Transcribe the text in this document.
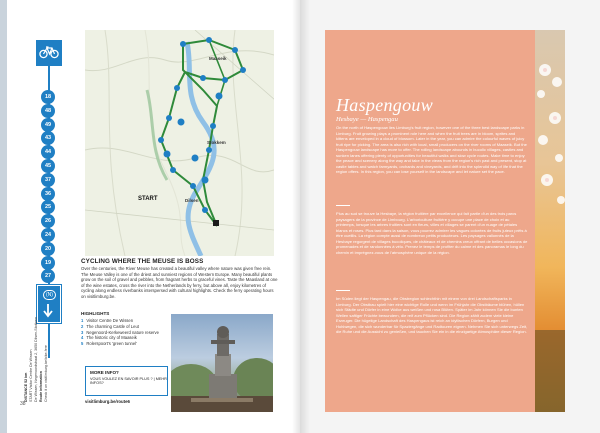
18
48
49
43
44
45
37
36
25
26
24
20
19
27
(N)
DISTANCE 52 km
START Visitor Centre De Wissen
De Wissen, Negenoordstraat 2, 3650 Dilsen-Stokkem
Route information
Check it on visitlimburg.be/bike-fere
38
Maaseik
Stokkem
Dilsen
START
CYCLING WHERE THE MEUSE IS BOSS
Over the centuries, the River Meuse has created a beautiful valley where nature was given free rein. The Meuse Valley is one of the driest and sunniest regions of Western Europe. Many beautiful plants grow on the soil of gravel and pebbles, from fragrant herbs to graceful vines. Taste the Maasland at one of the wine estates, cross the river into the Netherlands by ferry, but above all, enjoy kilometres of cycling along endless riverbanks interspersed with cultural highlights. Check the ferry operating hours on visitlimburg.be.
HIGHLIGHTS
1 Visitor Centre De Wissen
2 The charming Castle of Leut
3 Negenoord-Kerkeweerd nature reserve
4 The historic city of Maaseik
5 Rolerspoort's 'green tunnel'
MORE INFO?
VOUS VOULEZ EN SAVOIR PLUS ? | MEHR INFOS?
visitlimburg.be/route6
Haspengouw
Hesbaye — Haspengau
On the north of Haspengouw lies Limburg's fruit region, however one of the three best landscape parks in Limburg. Fruit growing plays a prominent role here and when the fruit trees are in bloom, sprites and kittens are enveloped in a cloud of blossom. Later in the year, you can admire the colourful waves of juicy fruit ripe for picking. The area is also rich with local, small producers on the river rooms of Maaseik. But the Haspengouw landscape has more to offer. The rolling landscape abounds in bucolic villages, castles and sunken lanes offering plenty of opportunities for beautiful walks and slow cycle routes. Make time to enjoy the peace and scenery along the way and take in the views from the region's rich past and present, stop at castle tables and watch farmyards, orchards and vineyards, and drift into the splendid way of life that the region offers. In this region, you can lose yourself in the landscape and let nature set the pace.
Plus au sud se trouve la Hesbaye, la région fruitière par excellence qui fait partie d'un des trois parcs paysagers de la province de Limbourg. L'arboriculture fruitière y occupe une place de choix et au printemps, lorsque les arbres fruitiers sont en fleurs, villes et villages se parent d'un nuage de pétales blancs et roses. Plus tard dans la saison, vous pourrez admirer les vagues colorées de fruits juteux prêts à être cueillis. La région compte aussi de nombreux petits producteurs. Les paysages vallonnés de la Hesbaye regorgent de villages bucoliques, de châteaux et de chemins creux offrant de belles occasions de promenades et de randonnées à vélo. Prenez le temps de profiter du calme et des panoramas le long du chemin et imprégnez-vous de l'atmosphère unique de la région.
Im Süden liegt der Haspengau, die Obstregion schlechthin mit einem von drei Landschaftsparks in Limburg. Der Obstbau spielt hier eine wichtige Rolle und wenn im Frühjahr die Obstbäume blühen, hüllen sich Städte und Dörfer in eine Wolke aus weißen und rosa Blüten. Später im Jahr können Sie die bunten Wellen saftiger Früchte bewundern, die reif zum Pflücken sind. Die Region zählt zudem viele kleine Erzeuger. Die hügelige Landschaft des Haspengaus ist reich an idyllischen Dörfern, Burgen und Hohlwegen, die sich wunderbar für Spaziergänge und Radtouren eignen. Nehmen Sie sich unterwegs Zeit, die Ruhe und die Aussicht zu genießen, und tauchen Sie ein in die einzigartige Atmosphäre dieser Region.
